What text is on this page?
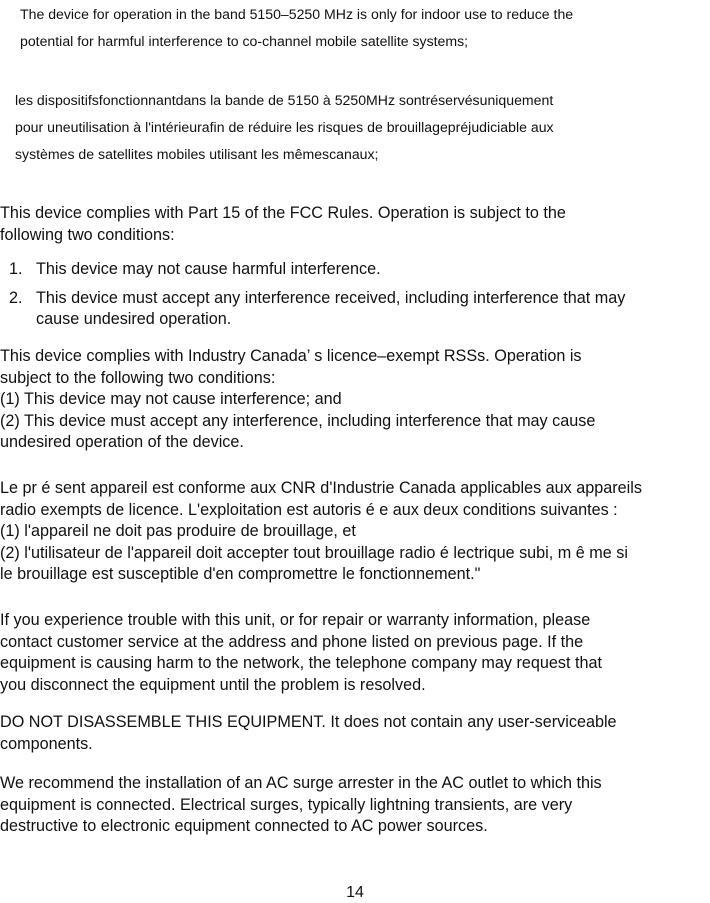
The device for operation in the band 5150–5250 MHz is only for indoor use to reduce the

potential for harmful interference to co-channel mobile satellite systems;

les dispositifsfonctionnantdans la bande de 5150 à 5250MHz sontréservésuniquement

pour uneutilisation à l'intérieurafin de réduire les risques de brouillagepréjudiciable aux

systèmes de satellites mobiles utilisant les mêmescanaux;

This device complies with Part 15 of the FCC Rules. Operation is subject to the

following two conditions:

1. This device may not cause harmful interference.

2. This device must accept any interference received, including interference that may

cause undesired operation.

This device complies with Industry Canada’ s licence–exempt RSSs. Operation is

subject to the following two conditions:

(1) This device may not cause interference; and

(2) This device must accept any interference, including interference that may cause

undesired operation of the device.

Le pr é sent appareil est conforme aux CNR d'Industrie Canada applicables aux appareils

radio exempts de licence. L'exploitation est autoris é e aux deux conditions suivantes :

(1) l'appareil ne doit pas produire de brouillage, et

(2) l'utilisateur de l'appareil doit accepter tout brouillage radio é lectrique subi, m ê me si

le brouillage est susceptible d'en compromettre le fonctionnement."

If you experience trouble with this unit, or for repair or warranty information, please

contact customer service at the address and phone listed on previous page. If the

equipment is causing harm to the network, the telephone company may request that

you disconnect the equipment until the problem is resolved.

DO NOT DISASSEMBLE THIS EQUIPMENT. It does not contain any user-serviceable

components.

We recommend the installation of an AC surge arrester in the AC outlet to which this

equipment is connected. Electrical surges, typically lightning transients, are very

destructive to electronic equipment connected to AC power sources.

14
